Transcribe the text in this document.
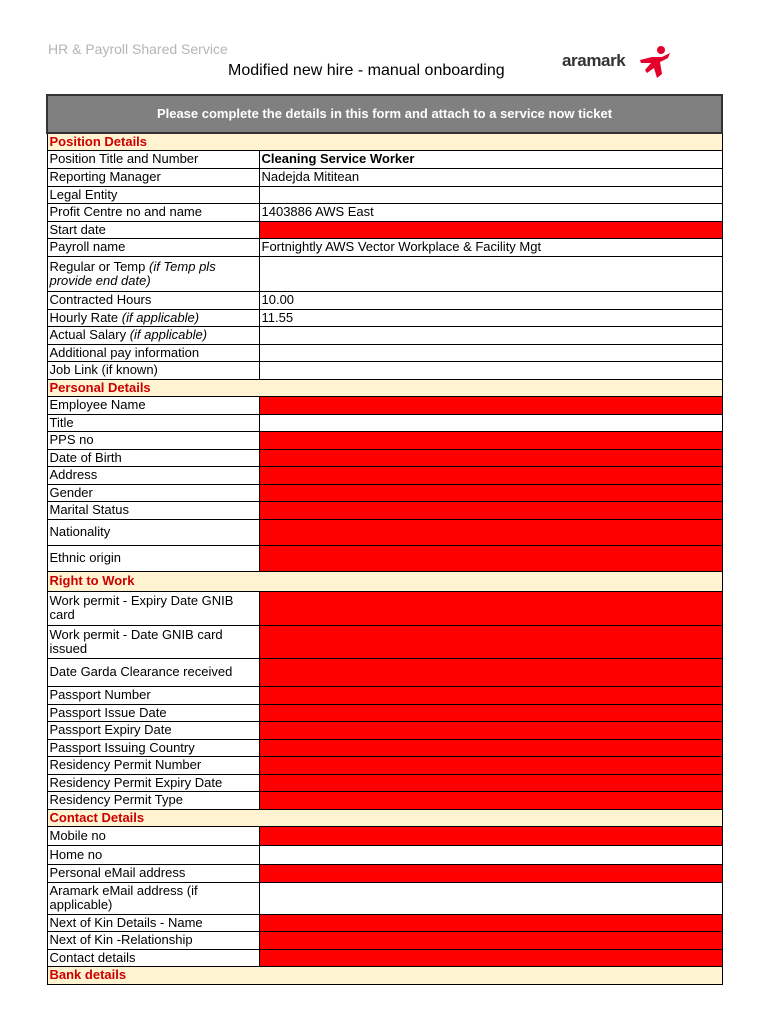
HR & Payroll Shared Service
Modified new hire - manual onboarding
aramark
Please complete the details in this form and attach to a service now ticket	
Position Details	
Position Title and Number	Cleaning Service Worker
Reporting Manager	Nadejda Mititean
Legal Entity	
Profit Centre no and name	1403886 AWS East
Start date	
Payroll name	Fortnightly AWS Vector Workplace & Facility Mgt
Regular or Temp (if Temp pls provide end date)	
Contracted Hours	10.00
Hourly Rate (if applicable)	11.55
Actual Salary (if applicable)	
Additional pay information	
Job Link (if known)	
Personal Details	
Employee Name	
Title	
PPS no	
Date of Birth	
Address	
Gender	
Marital Status	
Nationality	
Ethnic origin	
Right to Work	
Work permit - Expiry Date GNIB card	
Work permit - Date GNIB card issued	
Date Garda Clearance received	
Passport Number	
Passport Issue Date	
Passport Expiry Date	
Passport Issuing Country	
Residency Permit Number	
Residency Permit Expiry Date	
Residency Permit Type	
Contact Details	
Mobile no	
Home no	
Personal eMail address	
Aramark eMail address (if applicable)	
Next of Kin Details - Name	
Next of Kin -Relationship	
Contact details	
Bank details	
